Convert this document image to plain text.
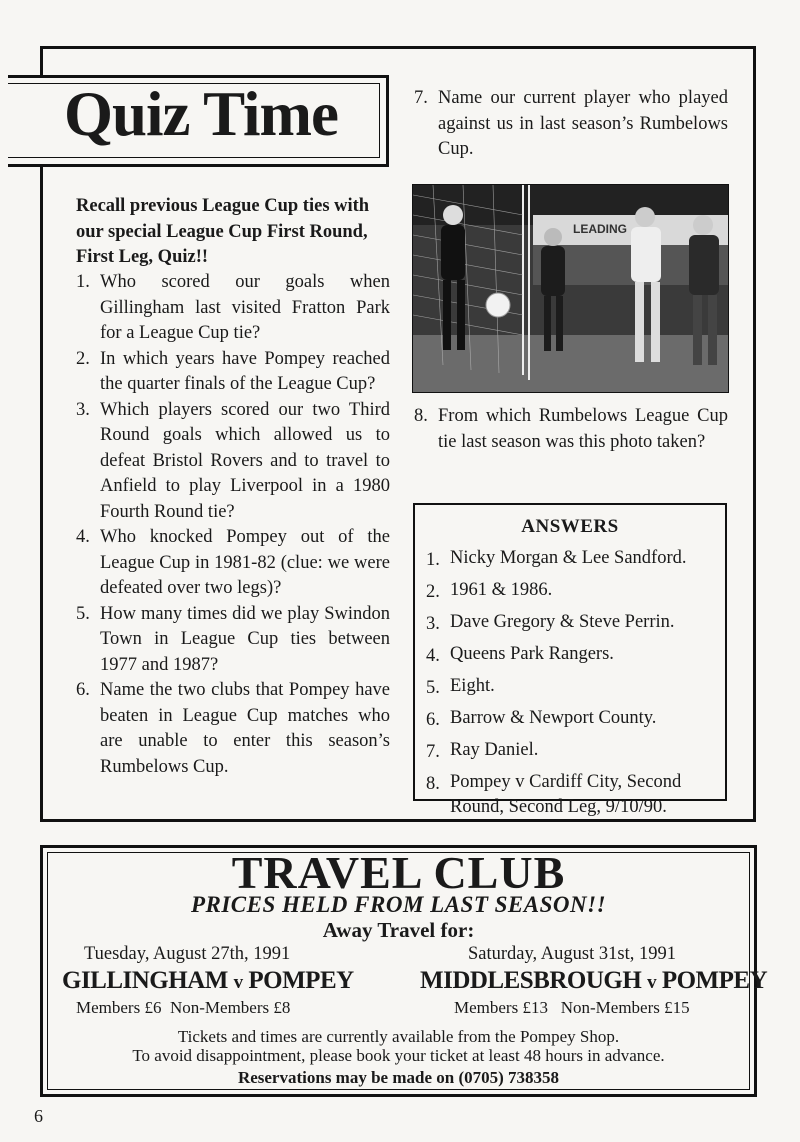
Quiz Time
Recall previous League Cup ties with our special League Cup First Round, First Leg, Quiz!!
1. Who scored our goals when Gillingham last visited Fratton Park for a League Cup tie?
2. In which years have Pompey reached the quarter finals of the League Cup?
3. Which players scored our two Third Round goals which allowed us to defeat Bristol Rovers and to travel to Anfield to play Liverpool in a 1980 Fourth Round tie?
4. Who knocked Pompey out of the League Cup in 1981-82 (clue: we were defeated over two legs)?
5. How many times did we play Swindon Town in League Cup ties between 1977 and 1987?
6. Name the two clubs that Pompey have beaten in League Cup matches who are unable to enter this season’s Rumbelows Cup.
7. Name our current player who played against us in last season’s Rumbelows Cup.
LEADING
8. From which Rumbelows League Cup tie last season was this photo taken?
ANSWERS
1. Nicky Morgan & Lee Sandford.
2. 1961 & 1986.
3. Dave Gregory & Steve Perrin.
4. Queens Park Rangers.
5. Eight.
6. Barrow & Newport County.
7. Ray Daniel.
8. Pompey v Cardiff City, Second Round, Second Leg, 9/10/90.
TRAVEL CLUB
PRICES HELD FROM LAST SEASON!!
Away Travel for:
Tuesday, August 27th, 1991
GILLINGHAM v POMPEY
Members £6 Non-Members £8
Saturday, August 31st, 1991
MIDDLESBROUGH v POMPEY
Members £13 Non-Members £15
Tickets and times are currently available from the Pompey Shop.
To avoid disappointment, please book your ticket at least 48 hours in advance.
Reservations may be made on (0705) 738358
6
